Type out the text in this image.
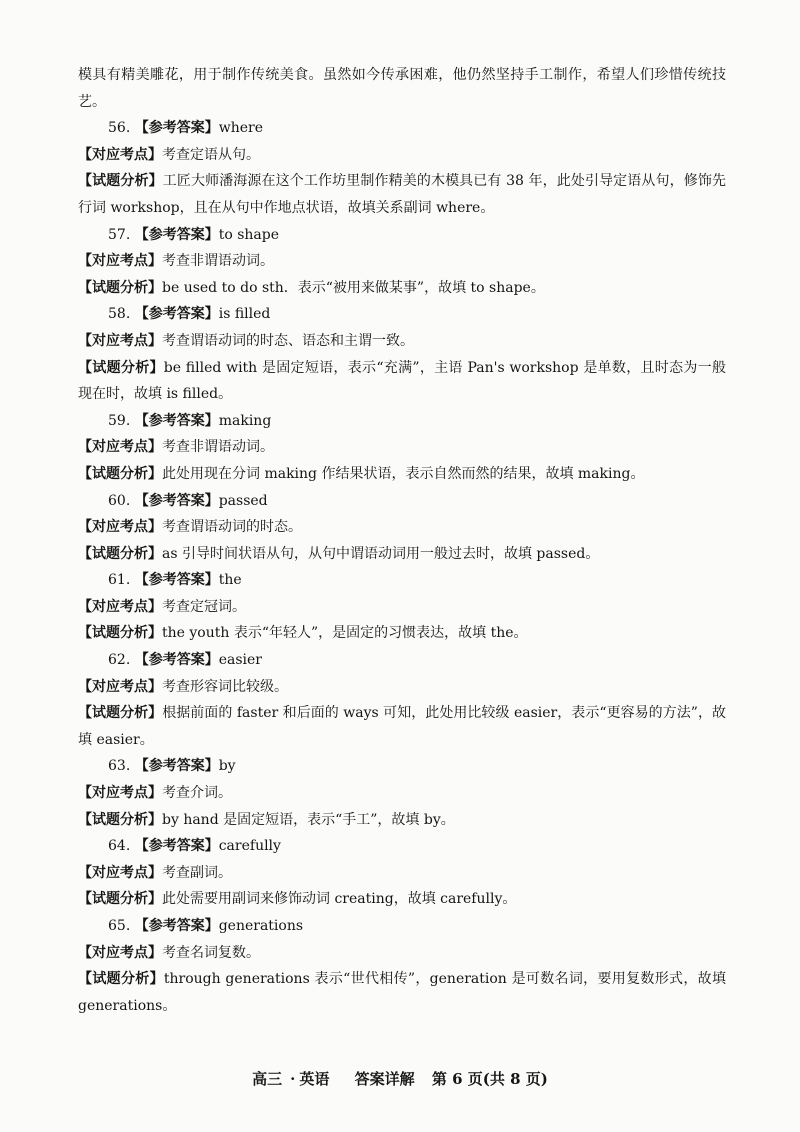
模具有精美雕花，用于制作传统美食。虽然如今传承困难，他仍然坚持手工制作，希望人们珍惜传统技艺。
56. 【参考答案】where
【对应考点】考查定语从句。
【试题分析】工匠大师潘海源在这个工作坊里制作精美的木模具已有 38 年，此处引导定语从句，修饰先行词 workshop，且在从句中作地点状语，故填关系副词 where。
57. 【参考答案】to shape
【对应考点】考查非谓语动词。
【试题分析】be used to do sth．表示“被用来做某事”，故填 to shape。
58. 【参考答案】is filled
【对应考点】考查谓语动词的时态、语态和主谓一致。
【试题分析】be filled with 是固定短语，表示“充满”，主语 Pan's workshop 是单数，且时态为一般现在时，故填 is filled。
59. 【参考答案】making
【对应考点】考查非谓语动词。
【试题分析】此处用现在分词 making 作结果状语，表示自然而然的结果，故填 making。
60. 【参考答案】passed
【对应考点】考查谓语动词的时态。
【试题分析】as 引导时间状语从句，从句中谓语动词用一般过去时，故填 passed。
61. 【参考答案】the
【对应考点】考查定冠词。
【试题分析】the youth 表示“年轻人”，是固定的习惯表达，故填 the。
62. 【参考答案】easier
【对应考点】考查形容词比较级。
【试题分析】根据前面的 faster 和后面的 ways 可知，此处用比较级 easier，表示“更容易的方法”，故填 easier。
63. 【参考答案】by
【对应考点】考查介词。
【试题分析】by hand 是固定短语，表示“手工”，故填 by。
64. 【参考答案】carefully
【对应考点】考查副词。
【试题分析】此处需要用副词来修饰动词 creating，故填 carefully。
65. 【参考答案】generations
【对应考点】考查名词复数。
【试题分析】through generations 表示“世代相传”，generation 是可数名词，要用复数形式，故填 generations。
高三 · 英语 答案详解 第 6 页(共 8 页)
